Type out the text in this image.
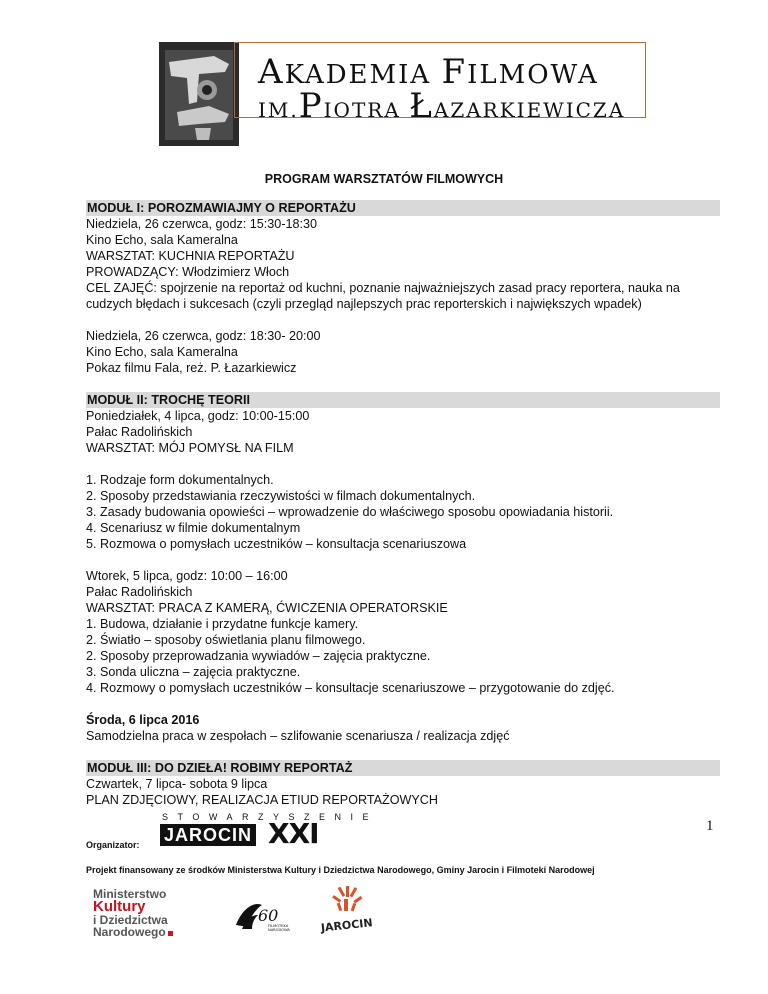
AKADEMIA FILMOWA
IM.PIOTRA ŁAZARKIEWICZA
PROGRAM WARSZTATÓW FILMOWYCH
MODUŁ I: POROZMAWIAJMY O REPORTAŻU
Niedziela, 26 czerwca, godz: 15:30-18:30
Kino Echo, sala Kameralna
WARSZTAT: KUCHNIA REPORTAŻU
PROWADZĄCY: Włodzimierz Włoch
CEL ZAJĘĆ: spojrzenie na reportaż od kuchni, poznanie najważniejszych zasad pracy reportera, nauka na
cudzych błędach i sukcesach (czyli przegląd najlepszych prac reporterskich i największych wpadek)
Niedziela, 26 czerwca, godz: 18:30- 20:00
Kino Echo, sala Kameralna
Pokaz filmu Fala, reż. P. Łazarkiewicz
MODUŁ II: TROCHĘ TEORII
Poniedziałek, 4 lipca, godz: 10:00-15:00
Pałac Radolińskich
WARSZTAT: MÓJ POMYSŁ NA FILM
1. Rodzaje form dokumentalnych.
2. Sposoby przedstawiania rzeczywistości w filmach dokumentalnych.
3. Zasady budowania opowieści – wprowadzenie do właściwego sposobu opowiadania historii.
4. Scenariusz w filmie dokumentalnym
5. Rozmowa o pomysłach uczestników – konsultacja scenariuszowa
Wtorek, 5 lipca, godz: 10:00 – 16:00
Pałac Radolińskich
WARSZTAT: PRACA Z KAMERĄ, ĆWICZENIA OPERATORSKIE
1. Budowa, działanie i przydatne funkcje kamery.
2. Światło – sposoby oświetlania planu filmowego.
2. Sposoby przeprowadzania wywiadów – zajęcia praktyczne.
3. Sonda uliczna – zajęcia praktyczne.
4. Rozmowy o pomysłach uczestników – konsultacje scenariuszowe – przygotowanie do zdjęć.
Środa, 6 lipca 2016
Samodzielna praca w zespołach – szlifowanie scenariusza / realizacja zdjęć
MODUŁ III: DO DZIEŁA! ROBIMY REPORTAŻ
Czwartek, 7 lipca- sobota 9 lipca
PLAN ZDJĘCIOWY, REALIZACJA ETIUD REPORTAŻOWYCH
1
Organizator:
STOWARZYSZENIE
JAROCIN XXI
Projekt finansowany ze środków Ministerstwa Kultury i Dziedzictwa Narodowego, Gminy Jarocin i Filmoteki Narodowej
Ministerstwo
Kultury
i Dziedzictwa
Narodowego
60
FILMOTEKA
NARODOWA	JAROCIN
